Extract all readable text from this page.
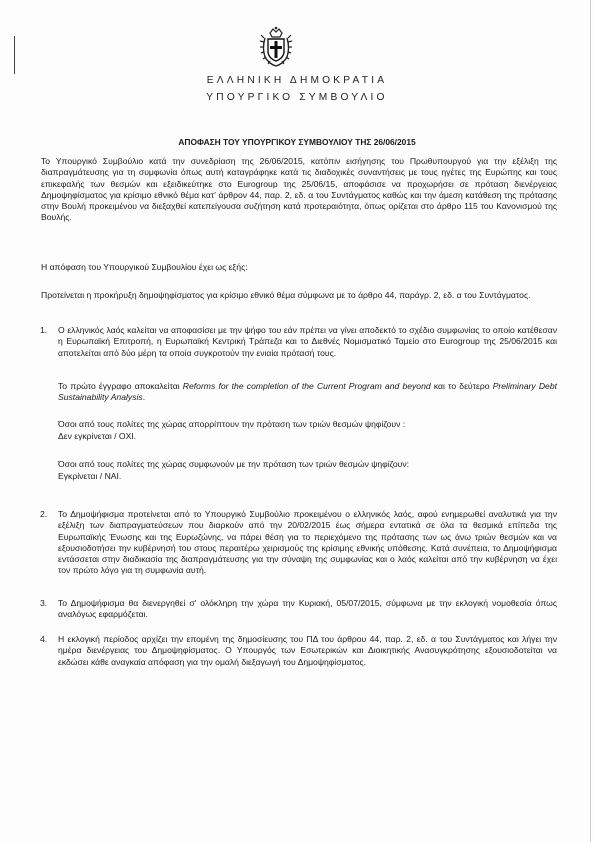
ΕΛΛΗΝΙΚΗ ΔΗΜΟΚΡΑΤΙΑ
ΥΠΟΥΡΓΙΚΟ ΣΥΜΒΟΥΛΙΟ
ΑΠΟΦΑΣΗ ΤΟΥ ΥΠΟΥΡΓΙΚΟΥ ΣΥΜΒΟΥΛΙΟΥ ΤΗΣ 26/06/2015
Το Υπουργικό Συμβούλιο κατά την συνεδρίαση της 26/06/2015, κατόπιν εισήγησης του Πρωθυπουργού για την εξέλιξη της διαπραγμάτευσης για τη συμφωνία όπως αυτή καταγράφηκε κατά τις διαδοχικές συναντήσεις με τους ηγέτες της Ευρώπης και τους επικεφαλής των θεσμών και εξειδικεύτηκε στο Eurogroup της 25/06/15, αποφάσισε να προχωρήσει σε πρόταση διενέργειας Δημοψηφίσματος για κρίσιμο εθνικό θέμα κατ' άρθρον 44, παρ. 2, εδ. α του Συντάγματος καθώς και την άμεση κατάθεση της πρότασης στην Βουλή προκειμένου να διεξαχθεί κατεπείγουσα συζήτηση κατά προτεραιότητα, όπως ορίζεται στο άρθρο 115 του Κανονισμού της Βουλής.
Η απόφαση του Υπουργικού Συμβουλίου έχει ως εξής:
Προτείνεται η προκήρυξη δημοψηφίσματος για κρίσιμο εθνικό θέμα σύμφωνα με το άρθρο 44, παράγρ. 2, εδ. α του Συντάγματος.
1. Ο ελληνικός λαός καλείται να αποφασίσει με την ψήφο του εάν πρέπει να γίνει αποδεκτό το σχέδιο συμφωνίας το οποίο κατέθεσαν η Ευρωπαϊκή Επιτροπή, η Ευρωπαϊκή Κεντρική Τράπεζα και το Διεθνές Νομισματικό Ταμείο στο Eurogroup της 25/06/2015 και αποτελείται από δύο μέρη τα οποία συγκροτούν την ενιαία πρότασή τους.
Το πρώτο έγγραφο αποκαλείται Reforms for the completion of the Current Program and beyond και το δεύτερο Preliminary Debt Sustainability Analysis.
Όσοι από τους πολίτες της χώρας απορρίπτουν την πρόταση των τριών θεσμών ψηφίζουν :
Δεν εγκρίνεται / ΟΧΙ.
Όσοι από τους πολίτες της χώρας συμφωνούν με την πρόταση των τριών θεσμών ψηφίζουν:
Εγκρίνεται / ΝΑΙ.
2. Το Δημοψήφισμα προτείνεται από το Υπουργικό Συμβούλιο προκειμένου ο ελληνικός λαός, αφού ενημερωθεί αναλυτικά για την εξέλιξη των διαπραγματεύσεων που διαρκούν από την 20/02/2015 έως σήμερα εντατικά σε όλα τα θεσμικά επίπεδα της Ευρωπαϊκής Ένωσης και της Ευρωζώνης, να πάρει θέση για το περιεχόμενο της πρότασης των ως άνω τριών θεσμών και να εξουσιοδοτήσει την κυβέρνησή του στους περαιτέρω χειρισμούς της κρίσιμης εθνικής υπόθεσης. Κατά συνέπεια, το Δημοψήφισμα εντάσσεται στην διαδικασία της διαπραγμάτευσης για την σύναψη της συμφωνίας και ο λαός καλείται από την κυβέρνηση να έχει τον πρώτο λόγο για τη συμφωνία αυτή.
3. Το Δημοψήφισμα θα διενεργηθεί σ' ολόκληρη την χώρα την Κυριακή, 05/07/2015, σύμφωνα με την εκλογική νομοθεσία όπως αναλόγως εφαρμόζεται.
4. Η εκλογική περίοδος αρχίζει την επομένη της δημοσίευσης του ΠΔ του άρθρου 44, παρ. 2, εδ. α του Συντάγματος και λήγει την ημέρα διενέργειας του Δημοψηφίσματος. Ο Υπουργός των Εσωτερικών και Διοικητικής Ανασυγκρότησης εξουσιοδοτείται να εκδώσει κάθε αναγκαία απόφαση για την ομαλή διεξαγωγή του Δημοψηφίσματος.
